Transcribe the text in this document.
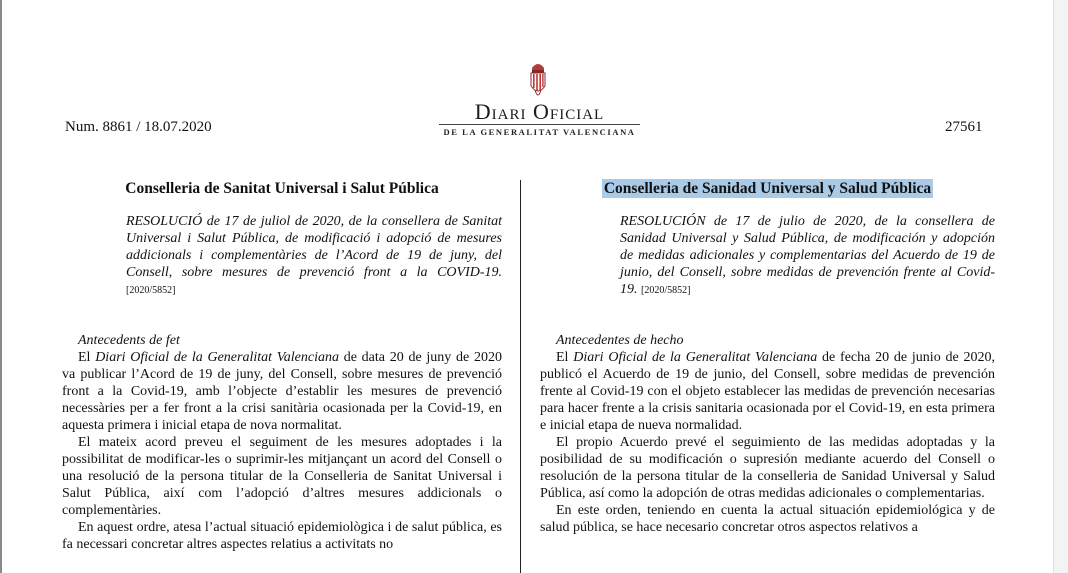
Num. 8861 / 18.07.2020
Diari Oficial
DE LA GENERALITAT VALENCIANA	27561
Conselleria de Sanitat Universal i Salut Pública
RESOLUCIÓ de 17 de juliol de 2020, de la consellera de Sanitat Universal i Salut Pública, de modificació i adopció de mesures addicionals i complementàries de l’Acord de 19 de juny, del Consell, sobre mesures de prevenció front a la COVID-19. [2020/5852]
Antecedents de fet

El Diari Oficial de la Generalitat Valenciana de data 20 de juny de 2020 va publicar l’Acord de 19 de juny, del Consell, sobre mesures de prevenció front a la Covid-19, amb l’objecte d’establir les mesures de prevenció necessàries per a fer front a la crisi sanitària ocasionada per la Covid-19, en aquesta primera i inicial etapa de nova normalitat.

El mateix acord preveu el seguiment de les mesures adoptades i la possibilitat de modificar-les o suprimir-les mitjançant un acord del Consell o una resolució de la persona titular de la Conselleria de Sanitat Universal i Salut Pública, així com l’adopció d’altres mesures addicionals o complementàries.

En aquest ordre, atesa l’actual situació epidemiològica i de salut pública, es fa necessari concretar altres aspectes relatius a activitats no

Conselleria de Sanidad Universal y Salud Pública
RESOLUCIÓN de 17 de julio de 2020, de la consellera de Sanidad Universal y Salud Pública, de modificación y adopción de medidas adicionales y complementarias del Acuerdo de 19 de junio, del Consell, sobre medidas de prevención frente al Covid-19. [2020/5852]
Antecedentes de hecho

El Diari Oficial de la Generalitat Valenciana de fecha 20 de junio de 2020, publicó el Acuerdo de 19 de junio, del Consell, sobre medidas de prevención frente al Covid-19 con el objeto establecer las medidas de prevención necesarias para hacer frente a la crisis sanitaria ocasionada por el Covid-19, en esta primera e inicial etapa de nueva normalidad.

El propio Acuerdo prevé el seguimiento de las medidas adoptadas y la posibilidad de su modificación o supresión mediante acuerdo del Consell o resolución de la persona titular de la conselleria de Sanidad Universal y Salud Pública, así como la adopción de otras medidas adicionales o complementarias.

En este orden, teniendo en cuenta la actual situación epidemiológica y de salud pública, se hace necesario concretar otros aspectos relativos a
